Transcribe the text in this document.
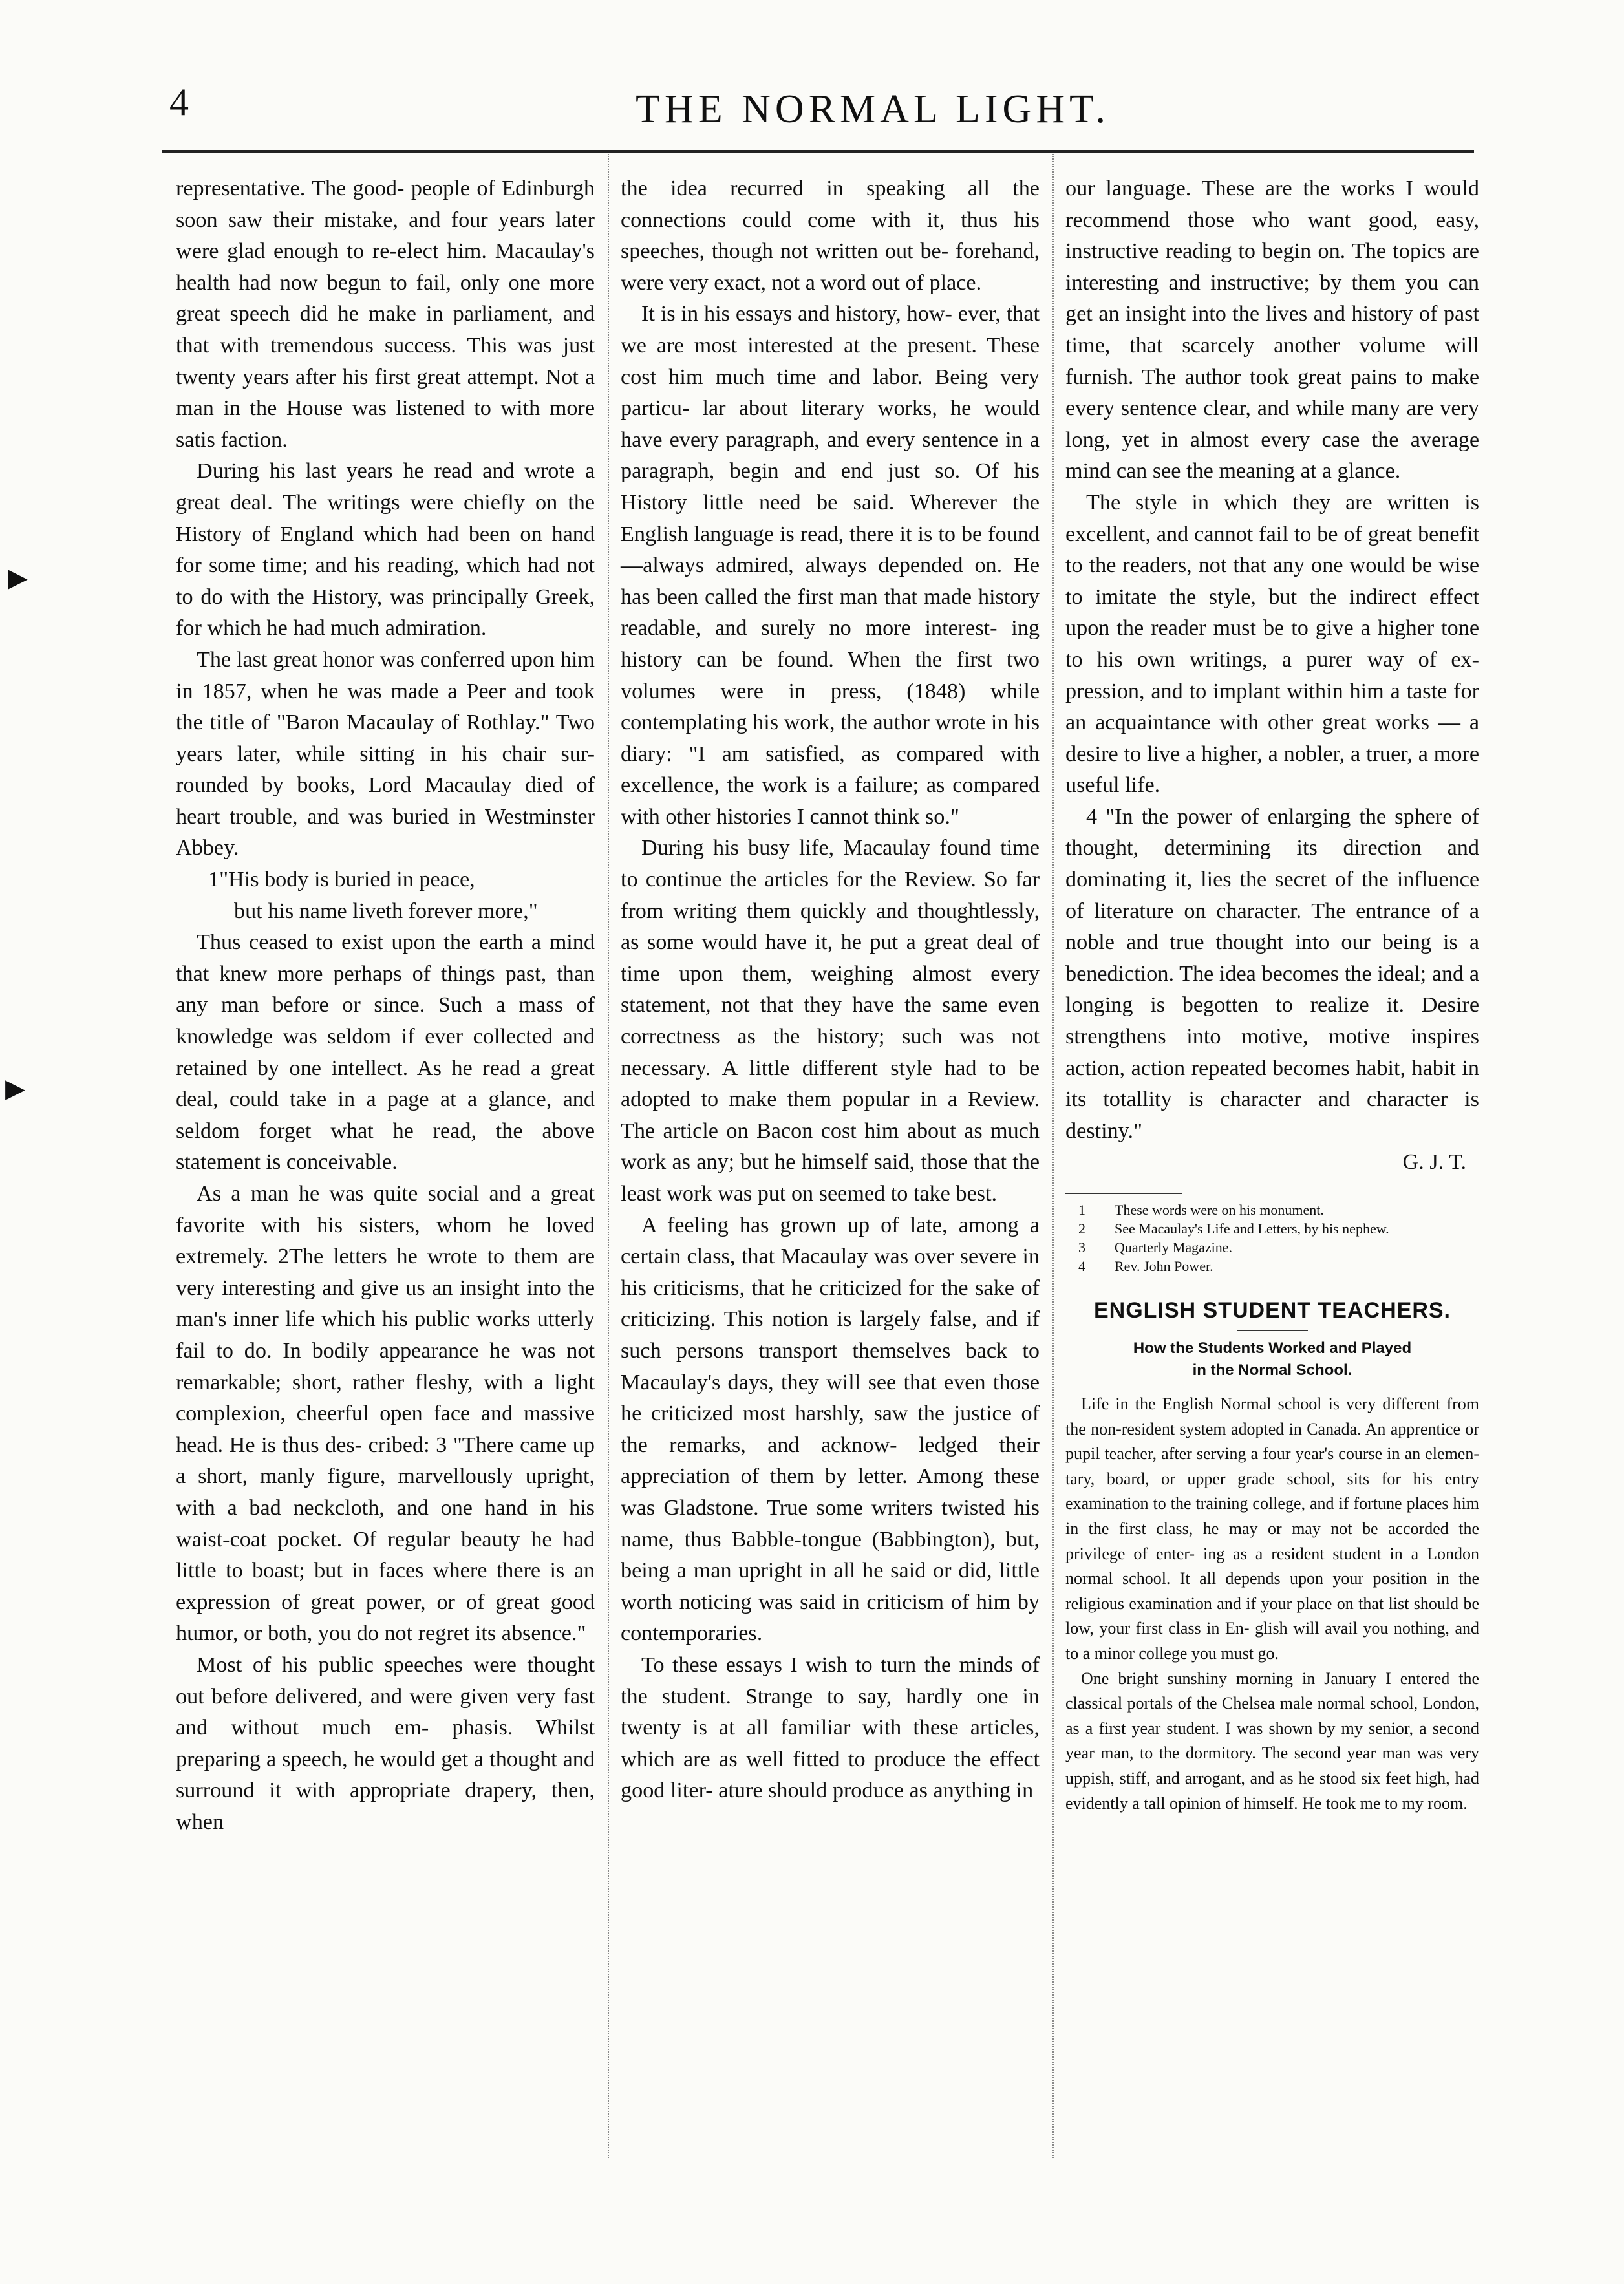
4	THE NORMAL LIGHT.
▶
▶

representative. The good- people of Edinburgh soon saw their mistake, and four years later were glad enough to re-elect him. Macaulay's health had now begun to fail, only one more great speech did he make in parliament, and that with tremendous success. This was just twenty years after his first great attempt. Not a man in the House was listened to with more satis faction.

During his last years he read and wrote a great deal. The writings were chiefly on the History of England which had been on hand for some time; and his reading, which had not to do with the History, was principally Greek, for which he had much admiration.

The last great honor was conferred upon him in 1857, when he was made a Peer and took the title of "Baron Macaulay of Rothlay." Two years later, while sitting in his chair sur- rounded by books, Lord Macaulay died of heart trouble, and was buried in Westminster Abbey.

1"His body is buried in peace,

but his name liveth forever more,"

Thus ceased to exist upon the earth a mind that knew more perhaps of things past, than any man before or since. Such a mass of knowledge was seldom if ever collected and retained by one intellect. As he read a great deal, could take in a page at a glance, and seldom forget what he read, the above statement is conceivable.

As a man he was quite social and a great favorite with his sisters, whom he loved extremely. 2The letters he wrote to them are very interesting and give us an insight into the man's inner life which his public works utterly fail to do. In bodily appearance he was not remarkable; short, rather fleshy, with a light complexion, cheerful open face and massive head. He is thus des- cribed: 3 "There came up a short, manly figure, marvellously upright, with a bad neckcloth, and one hand in his waist-coat pocket. Of regular beauty he had little to boast; but in faces where there is an expression of great power, or of great good humor, or both, you do not regret its absence."

Most of his public speeches were thought out before delivered, and were given very fast and without much em- phasis. Whilst preparing a speech, he would get a thought and surround it with appropriate drapery, then, when

the idea recurred in speaking all the connections could come with it, thus his speeches, though not written out be- forehand, were very exact, not a word out of place.

It is in his essays and history, how- ever, that we are most interested at the present. These cost him much time and labor. Being very particu- lar about literary works, he would have every paragraph, and every sentence in a paragraph, begin and end just so. Of his History little need be said. Wherever the English language is read, there it is to be found—always admired, always depended on. He has been called the first man that made history readable, and surely no more interest- ing history can be found. When the first two volumes were in press, (1848) while contemplating his work, the author wrote in his diary: "I am satisfied, as compared with excellence, the work is a failure; as compared with other histories I cannot think so."

During his busy life, Macaulay found time to continue the articles for the Review. So far from writing them quickly and thoughtlessly, as some would have it, he put a great deal of time upon them, weighing almost every statement, not that they have the same even correctness as the history; such was not necessary. A little different style had to be adopted to make them popular in a Review. The article on Bacon cost him about as much work as any; but he himself said, those that the least work was put on seemed to take best.

A feeling has grown up of late, among a certain class, that Macaulay was over severe in his criticisms, that he criticized for the sake of criticizing. This notion is largely false, and if such persons transport themselves back to Macaulay's days, they will see that even those he criticized most harshly, saw the justice of the remarks, and acknow- ledged their appreciation of them by letter. Among these was Gladstone. True some writers twisted his name, thus Babble-tongue (Babbington), but, being a man upright in all he said or did, little worth noticing was said in criticism of him by contemporaries.

To these essays I wish to turn the minds of the student. Strange to say, hardly one in twenty is at all familiar with these articles, which are as well fitted to produce the effect good liter- ature should produce as anything in

our language. These are the works I would recommend those who want good, easy, instructive reading to begin on. The topics are interesting and instructive; by them you can get an insight into the lives and history of past time, that scarcely another volume will furnish. The author took great pains to make every sentence clear, and while many are very long, yet in almost every case the average mind can see the meaning at a glance.

The style in which they are written is excellent, and cannot fail to be of great benefit to the readers, not that any one would be wise to imitate the style, but the indirect effect upon the reader must be to give a higher tone to his own writings, a purer way of ex- pression, and to implant within him a taste for an acquaintance with other great works — a desire to live a higher, a nobler, a truer, a more useful life.

4 "In the power of enlarging the sphere of thought, determining its direction and dominating it, lies the secret of the influence of literature on character. The entrance of a noble and true thought into our being is a benediction. The idea becomes the ideal; and a longing is begotten to realize it. Desire strengthens into motive, motive inspires action, action repeated becomes habit, habit in its totallity is character and character is destiny."

G. J. T.

1 These words were on his monument.
2 See Macaulay's Life and Letters, by his nephew.
3 Quarterly Magazine.
4 Rev. John Power.
ENGLISH STUDENT TEACHERS.
How the Students Worked and Played
in the Normal School.

Life in the English Normal school is very different from the non-resident system adopted in Canada. An apprentice or pupil teacher, after serving a four year's course in an elemen- tary, board, or upper grade school, sits for his entry examination to the training college, and if fortune places him in the first class, he may or may not be accorded the privilege of enter- ing as a resident student in a London normal school. It all depends upon your position in the religious examination and if your place on that list should be low, your first class in En- glish will avail you nothing, and to a minor college you must go.

One bright sunshiny morning in January I entered the classical portals of the Chelsea male normal school, London, as a first year student. I was shown by my senior, a second year man, to the dormitory. The second year man was very uppish, stiff, and arrogant, and as he stood six feet high, had evidently a tall opinion of himself. He took me to my room.
